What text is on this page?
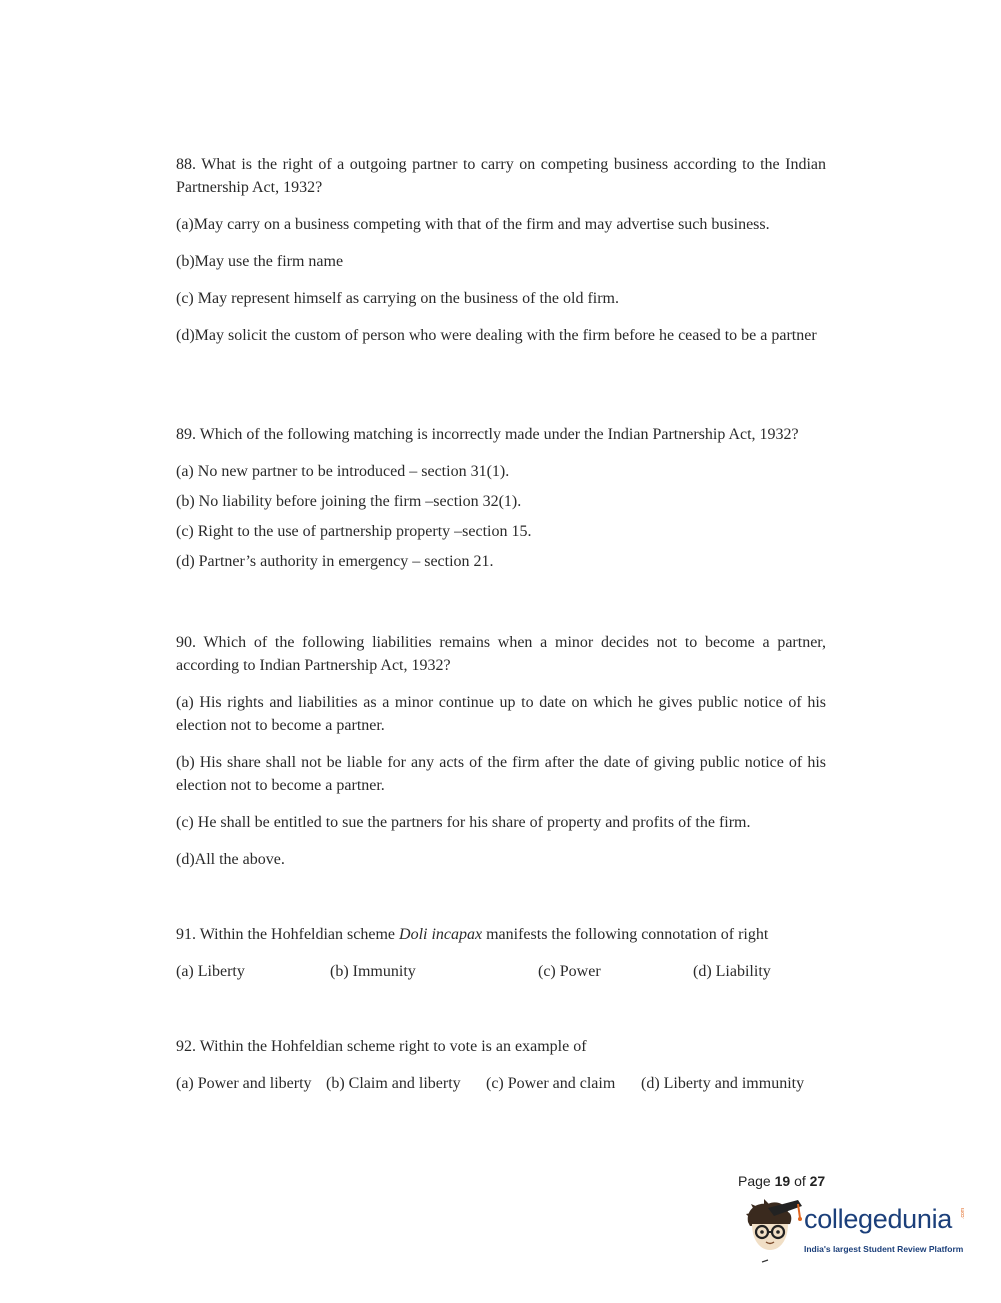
88. What is the right of a outgoing partner to carry on competing business according to the Indian Partnership Act, 1932?

(a)May carry on a business competing with that of the firm and may advertise such business.

(b)May use the firm name

(c) May represent himself as carrying on the business of the old firm.

(d)May solicit the custom of person who were dealing with the firm before he ceased to be a partner

89. Which of the following matching is incorrectly made under the Indian Partnership Act, 1932?

(a) No new partner to be introduced – section 31(1).

(b) No liability before joining the firm –section 32(1).

(c) Right to the use of partnership property –section 15.

(d) Partner’s authority in emergency – section 21.

90. Which of the following liabilities remains when a minor decides not to become a partner, according to Indian Partnership Act, 1932?

(a) His rights and liabilities as a minor continue up to date on which he gives public notice of his election not to become a partner.

(b) His share shall not be liable for any acts of the firm after the date of giving public notice of his election not to become a partner.

(c) He shall be entitled to sue the partners for his share of property and profits of the firm.

(d)All the above.

91. Within the Hohfeldian scheme Doli incapax manifests the following connotation of right

(a) Liberty	(b) Immunity	(c) Power	(d) Liability

92. Within the Hohfeldian scheme right to vote is an example of

(a) Power and liberty (b) Claim and liberty (c) Power and claim (d) Liberty and immunity
Page 19 of 27
collegedunia .com
India's largest Student Review Platform
